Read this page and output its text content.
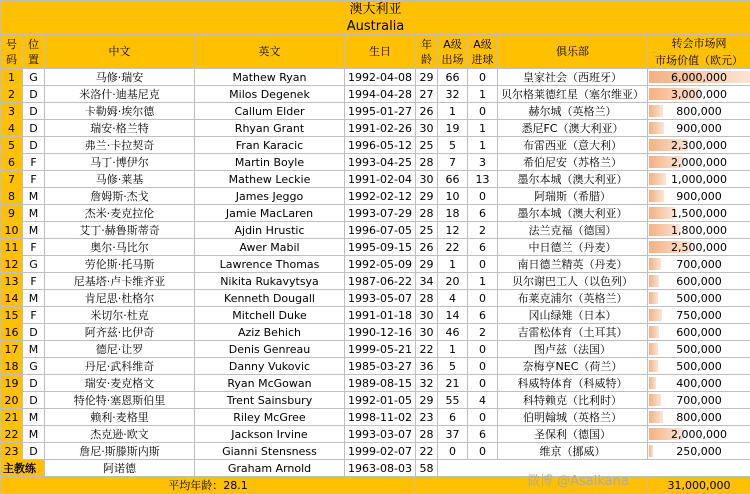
澳大利亚									
Australia									
号码	位置	中文	英文	生日	年龄	A级出场	A级进球	俱乐部	转会市场网
									市场价值（欧元）
1	G	马修·瑞安	Mathew Ryan	1992-04-08	29	66	0	皇家社会（西班牙）	6,000,000
2	D	米洛什·迪基尼克	Milos Degenek	1994-04-28	27	32	1	贝尔格莱德红星（塞尔维亚）	3,000,000
3	D	卡勒姆·埃尔德	Callum Elder	1995-01-27	26	1	0	赫尔城（英格兰）	800,000
4	D	瑞安·格兰特	Rhyan Grant	1991-02-26	30	19	1	悉尼FC（澳大利亚）	900,000
5	D	弗兰·卡拉契奇	Fran Karacic	1996-05-12	25	5	1	布雷西亚（意大利）	2,300,000
6	F	马丁·博伊尔	Martin Boyle	1993-04-25	28	7	3	希伯尼安（苏格兰）	2,000,000
7	F	马修·莱基	Mathew Leckie	1991-02-04	30	66	13	墨尔本城（澳大利亚）	1,000,000
8	M	詹姆斯·杰戈	James Jeggo	1992-02-12	29	10	0	阿瑞斯（希腊）	900,000
9	M	杰米·麦克拉伦	Jamie MacLaren	1993-07-29	28	18	6	墨尔本城（澳大利亚）	1,500,000
10	M	艾丁·赫鲁斯蒂奇	Ajdin Hrustic	1996-07-05	25	12	2	法兰克福（德国）	1,800,000
11	F	奥尔·马比尔	Awer Mabil	1995-09-15	26	22	6	中日德兰（丹麦）	2,500,000
12	G	劳伦斯·托马斯	Lawrence Thomas	1992-05-09	29	1	0	南日德兰精英（丹麦）	700,000
13	F	尼基塔·卢卡维齐亚	Nikita Rukavytsya	1987-06-22	34	20	1	贝尔谢巴工人（以色列）	600,000
14	M	肯尼思·杜格尔	Kenneth Dougall	1993-05-07	28	4	0	布莱克浦尔（英格兰）	500,000
15	F	米切尔·杜克	Mitchell Duke	1991-01-18	30	14	6	冈山绿雉（日本）	750,000
16	D	阿齐兹·比伊奇	Aziz Behich	1990-12-16	30	46	2	吉雷松体育（土耳其）	600,000
17	M	德尼·让罗	Denis Genreau	1999-05-21	22	1	0	图卢兹（法国）	500,000
18	G	丹尼·武科维奇	Danny Vukovic	1985-03-27	36	5	0	奈梅亨NEC（荷兰）	500,000
19	D	瑞安·麦克格文	Ryan McGowan	1989-08-15	32	21	0	科威特体育（科威特）	400,000
20	D	特伦特·塞恩斯伯里	Trent Sainsbury	1992-01-05	29	55	4	科特赖克（比利时）	700,000
21	M	赖利·麦格里	Riley McGree	1998-11-02	23	6	0	伯明翰城（英格兰）	800,000
22	M	杰克逊·欧文	Jackson Irvine	1993-03-07	28	37	6	圣保利（德国）	2,000,000
23	D	詹尼·斯滕斯内斯	Gianni Stensness	1999-02-07	22	0	0	维京（挪威）	250,000
主教练		阿诺德	Graham Arnold	1963-08-03	58				
平均年龄：28.1									31,000,000
微博 @Asaikana
